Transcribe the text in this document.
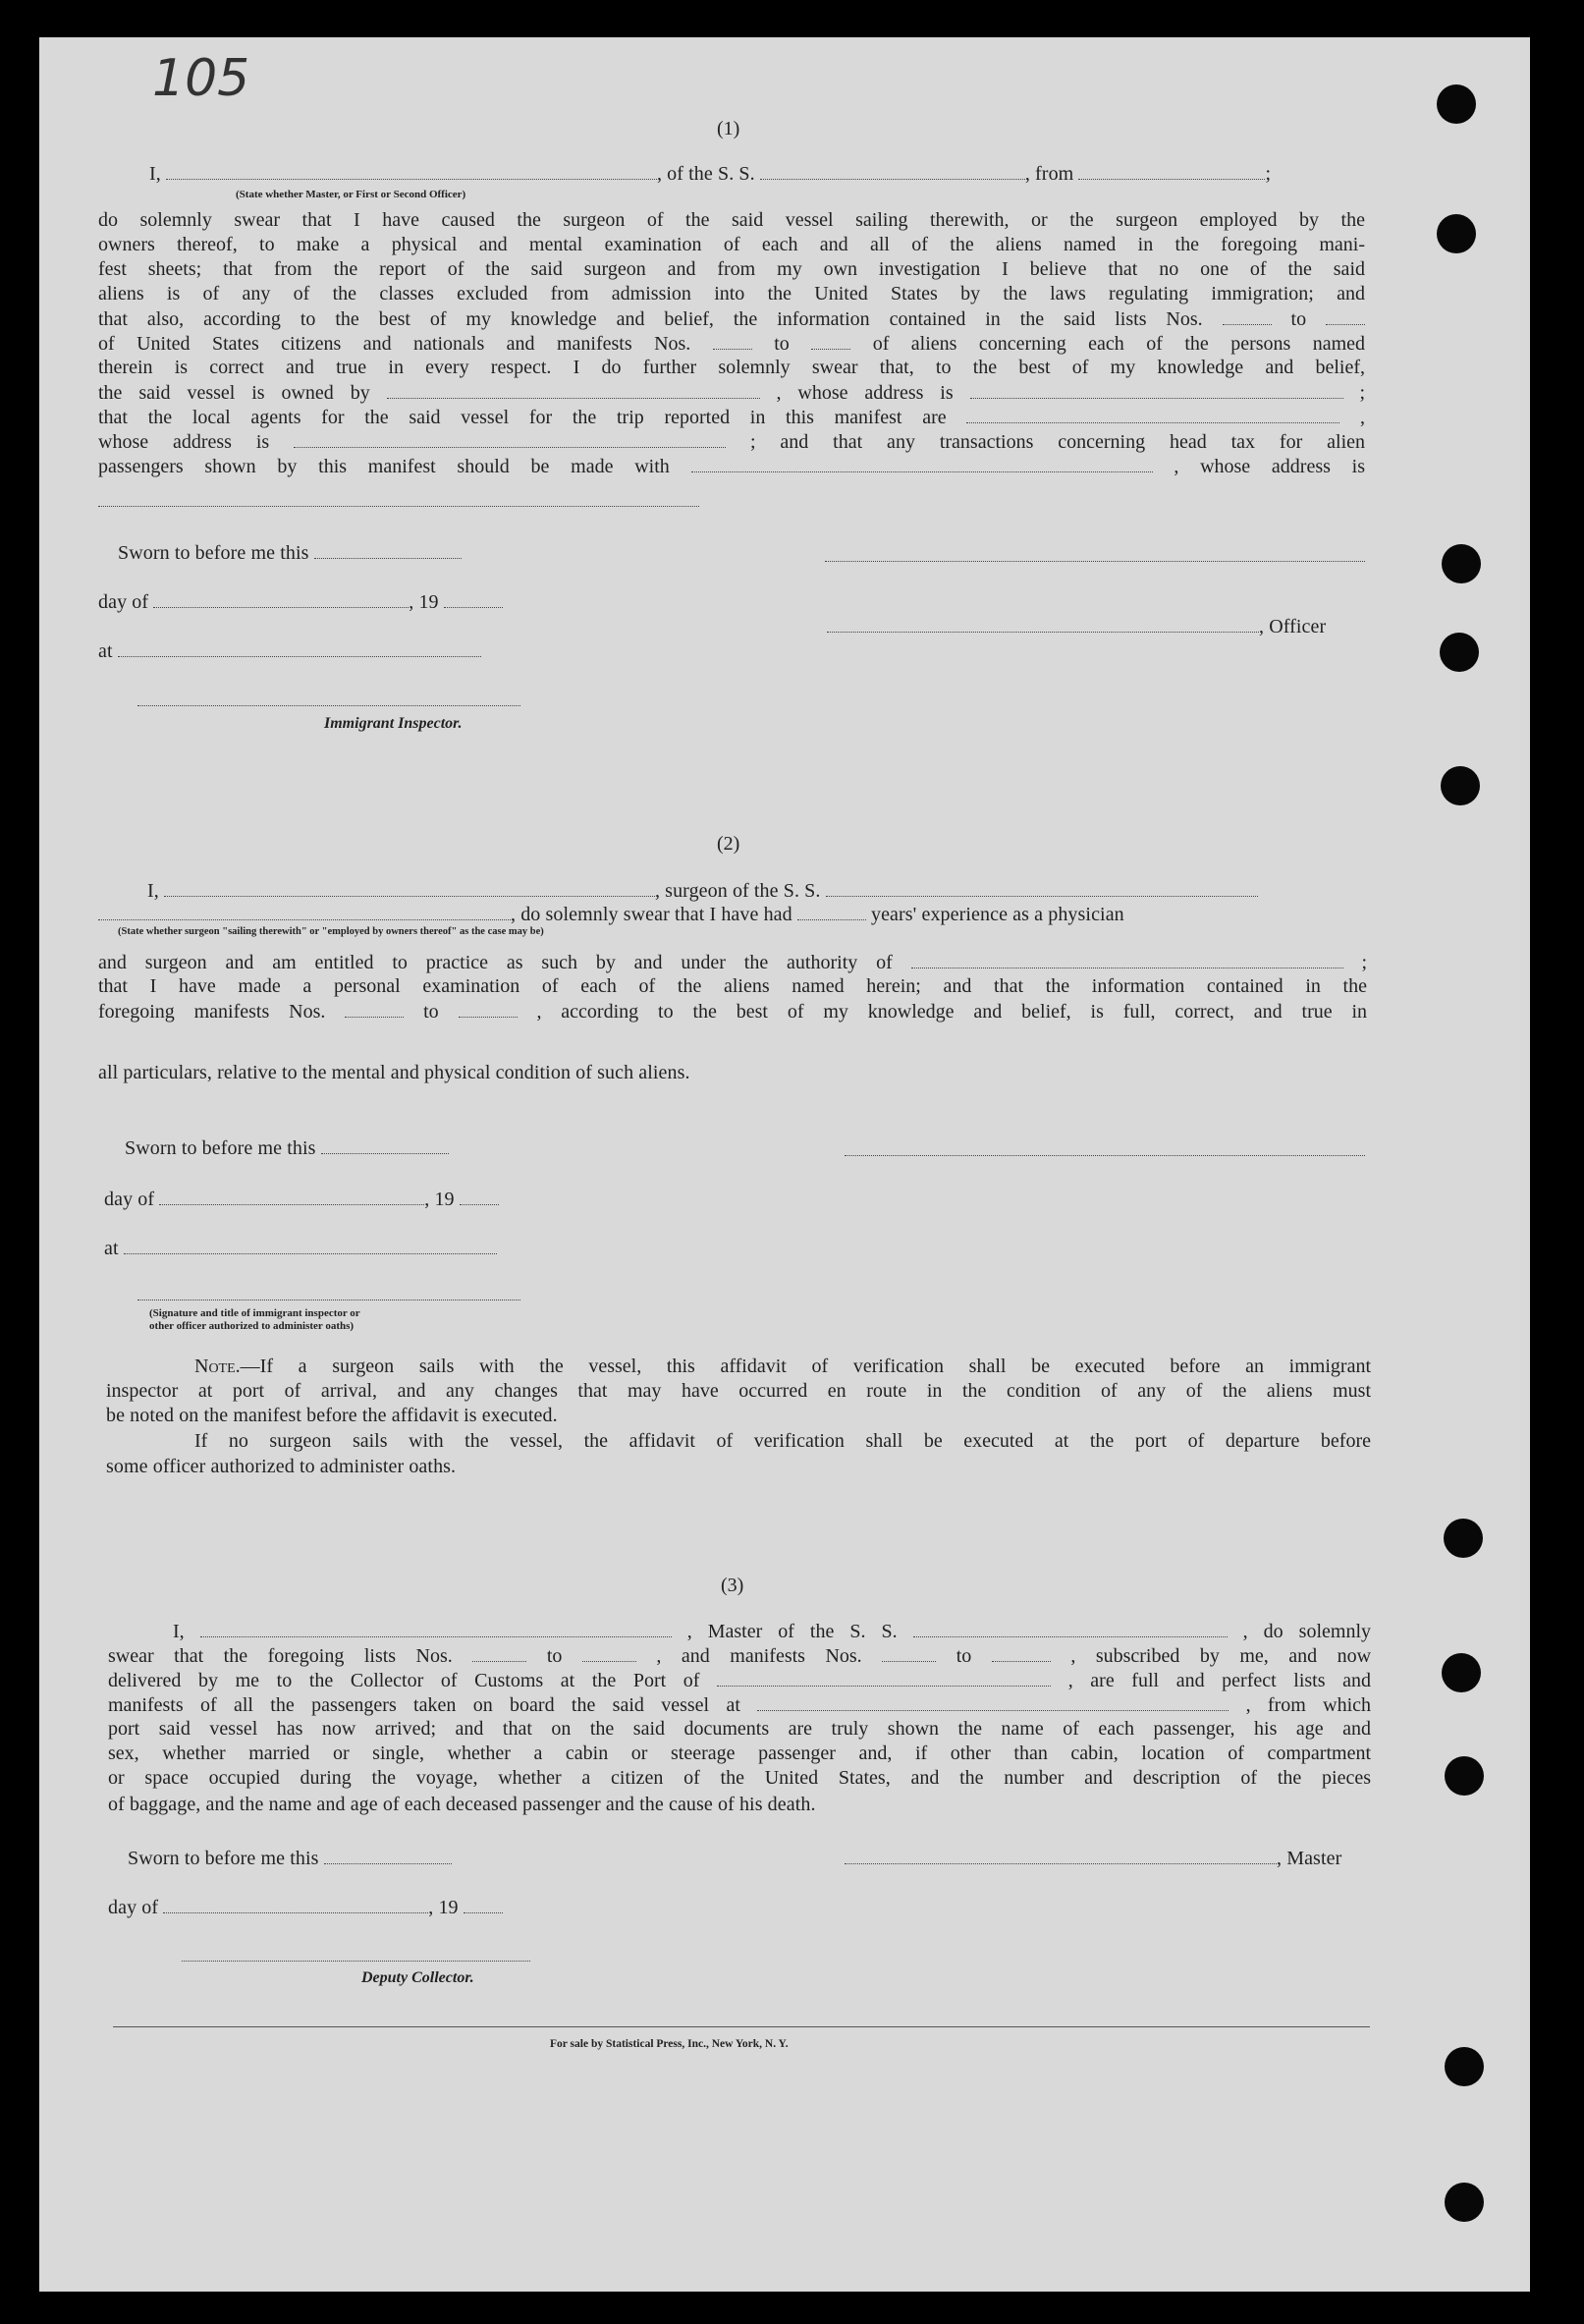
105
(1)
I,	, of the S. S.	, from	;
(State whether Master, or First or Second Officer)
do solemnly swear that I have caused the surgeon of the said vessel sailing therewith, or the surgeon employed by the
owners thereof, to make a physical and mental examination of each and all of the aliens named in the foregoing mani-
fest sheets; that from the report of the said surgeon and from my own investigation I believe that no one of the said
aliens is of any of the classes excluded from admission into the United States by the laws regulating immigration; and
that also, according to the best of my knowledge and belief, the information contained in the said lists Nos.	to
of United States citizens and nationals and manifests Nos.	to	of aliens concerning each of the persons named
therein is correct and true in every respect. I do further solemnly swear that, to the best of my knowledge and belief,
the said vessel is owned by	, whose address is	;
that the local agents for the said vessel for the trip reported in this manifest are	,
whose address is	; and that any transactions concerning head tax for alien
passengers shown by this manifest should be made with	, whose address is
Sworn to before me this
day of	, 19
, Officer
at
Immigrant Inspector.
(2)
I,	, surgeon of the S. S.
, do solemnly swear that I have had	years' experience as a physician
(State whether surgeon "sailing therewith" or "employed by owners thereof" as the case may be)
and surgeon and am entitled to practice as such by and under the authority of	;
that I have made a personal examination of each of the aliens named herein; and that the information contained in the
foregoing manifests Nos.	to	, according to the best of my knowledge and belief, is full, correct, and true in
all particulars, relative to the mental and physical condition of such aliens.
Sworn to before me this
day of	, 19
at
(Signature and title of immigrant inspector or
other officer authorized to administer oaths)
Note.—If a surgeon sails with the vessel, this affidavit of verification shall be executed before an immigrant
inspector at port of arrival, and any changes that may have occurred en route in the condition of any of the aliens must
be noted on the manifest before the affidavit is executed.
If no surgeon sails with the vessel, the affidavit of verification shall be executed at the port of departure before
some officer authorized to administer oaths.
(3)
I,	, Master of the S. S.	, do solemnly
swear that the foregoing lists Nos.	to	, and manifests Nos.	to	, subscribed by me, and now
delivered by me to the Collector of Customs at the Port of	, are full and perfect lists and
manifests of all the passengers taken on board the said vessel at	, from which
port said vessel has now arrived; and that on the said documents are truly shown the name of each passenger, his age and
sex, whether married or single, whether a cabin or steerage passenger and, if other than cabin, location of compartment
or space occupied during the voyage, whether a citizen of the United States, and the number and description of the pieces
of baggage, and the name and age of each deceased passenger and the cause of his death.
Sworn to before me this	, Master
day of	, 19
Deputy Collector.
For sale by Statistical Press, Inc., New York, N. Y.
